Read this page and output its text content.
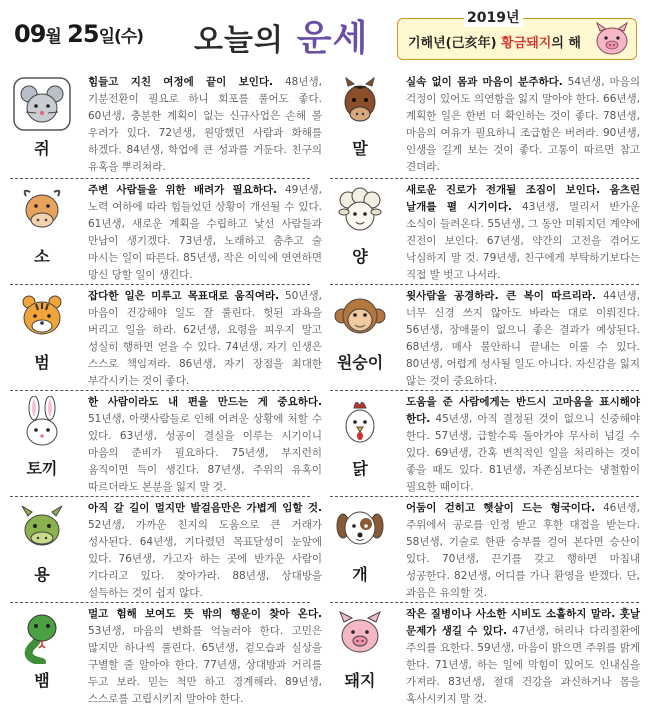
09월 25일(수) 오늘의 운세	2019년
기해년(己亥年) 황금돼지의 해
쥐
힘들고 지친 여정에 끝이 보인다. 48년생, 기분전환이 필요로 하니 회포를 풀어도 좋다. 60년생, 충분한 계획이 없는 신규사업은 손해 볼 우려가 있다. 72년생, 원망했던 사람과 화해를 하겠다. 84년생, 학업에 큰 성과를 거둔다. 친구의 유혹을 뿌리쳐라.
소
주변 사람들을 위한 배려가 필요하다. 49년생, 노력 여하에 따라 힘들었던 상황이 개선될 수 있다. 61년생, 새로운 계획을 수립하고 낯선 사람들과 만남이 생기겠다. 73년생, 노래하고 춤추고 술 마시는 일이 따른다. 85년생, 작은 이익에 연연하면 망신 당할 일이 생긴다.
범
잡다한 일은 미루고 목표대로 움직여라. 50년생, 마음이 건강해야 일도 잘 풀린다. 헛된 과욕을 버리고 일을 하라. 62년생, 요령을 피우지 말고 성실히 행하면 얻을 수 있다. 74년생, 자기 인생은 스스로 책임져라. 86년생, 자기 장점을 최대한 부각시키는 것이 좋다.
토끼
한 사람이라도 내 편을 만드는 게 중요하다. 51년생, 아랫사람들로 인해 어려운 상황에 처할 수 있다. 63년생, 성공이 결실을 이루는 시기이니 마음의 준비가 필요하다. 75년생, 부지런히 움직이면 득이 생긴다. 87년생, 주위의 유혹이 따르더라도 본분을 잃지 말 것.
용
아직 갈 길이 멀지만 발걸음만은 가볍게 임할 것. 52년생, 가까운 친지의 도움으로 큰 거래가 성사된다. 64년생, 기다렸던 목표달성이 눈앞에 있다. 76년생, 가고자 하는 곳에 반가운 사람이 기다리고 있다. 찾아가라. 88년생, 상대방을 설득하는 것이 쉽지 않다.
뱀
멀고 험해 보여도 뜻 밖의 행운이 찾아 온다. 53년생, 마음의 변화를 억눌러야 한다. 고민은 많지만 하나씩 풀린다. 65년생, 겉모습과 실상을 구별할 줄 알아야 한다. 77년생, 상대방과 거리를 두고 보라. 믿는 척만 하고 경계해라. 89년생, 스스로를 고립시키지 말아야 한다.
말
실속 없이 몸과 마음이 분주하다. 54년생, 마음의 걱정이 있어도 의연함을 잃지 말아야 한다. 66년생, 계획한 일은 한번 더 확인하는 것이 좋다. 78년생, 마음의 여유가 필요하니 조급함은 버려라. 90년생, 인생을 길게 보는 것이 좋다. 고통이 따르면 참고 견뎌라.
양
새로운 진로가 전개될 조짐이 보인다. 움츠린 날개를 펼 시기이다. 43년생, 멀리서 반가운 소식이 들려온다. 55년생, 그 동안 미뤄지던 계약에 진전이 보인다. 67년생, 약간의 고전을 겪어도 낙심하지 말 것. 79년생, 친구에게 부탁하기보다는 직접 발 벗고 나서라.
원숭이
윗사람을 공경하라. 큰 복이 따르리라. 44년생, 너무 신경 쓰지 않아도 바라는 대로 이뤄진다. 56년생, 장애물이 없으니 좋은 결과가 예상된다. 68년생, 매사 불안하니 끝내는 이룰 수 있다. 80년생, 어렵게 성사될 일도 아니다. 자신감을 잃지 않는 것이 중요하다.
닭
도움을 준 사람에게는 반드시 고마움을 표시해야 한다. 45년생, 아직 결정된 것이 없으니 신중해야 한다. 57년생, 급할수록 돌아가야 무사히 넘길 수 있다. 69년생, 간혹 변칙적인 일을 처리하는 것이 좋을 때도 있다. 81년생, 자존심보다는 냉철함이 필요한 때이다.
개
어둠이 걷히고 햇살이 드는 형국이다. 46년생, 주위에서 공로를 인정 받고 후한 대접을 받는다. 58년생, 기술로 한판 승부를 걸어 본다면 승산이 있다. 70년생, 끈기를 갖고 행하면 마침내 성공한다. 82년생, 어디를 가나 환영을 받겠다. 단, 과음은 유의할 것.
돼지
작은 질병이나 사소한 시비도 소홀하지 말라. 훗날 문제가 생길 수 있다. 47년생, 허리나 다리질환에 주의를 요한다. 59년생, 마음이 밝으면 주위를 밝게 한다. 71년생, 하는 일에 막힘이 있어도 인내심을 가져라. 83년생, 절대 건강을 과신하거나 몸을 혹사시키지 말 것.
